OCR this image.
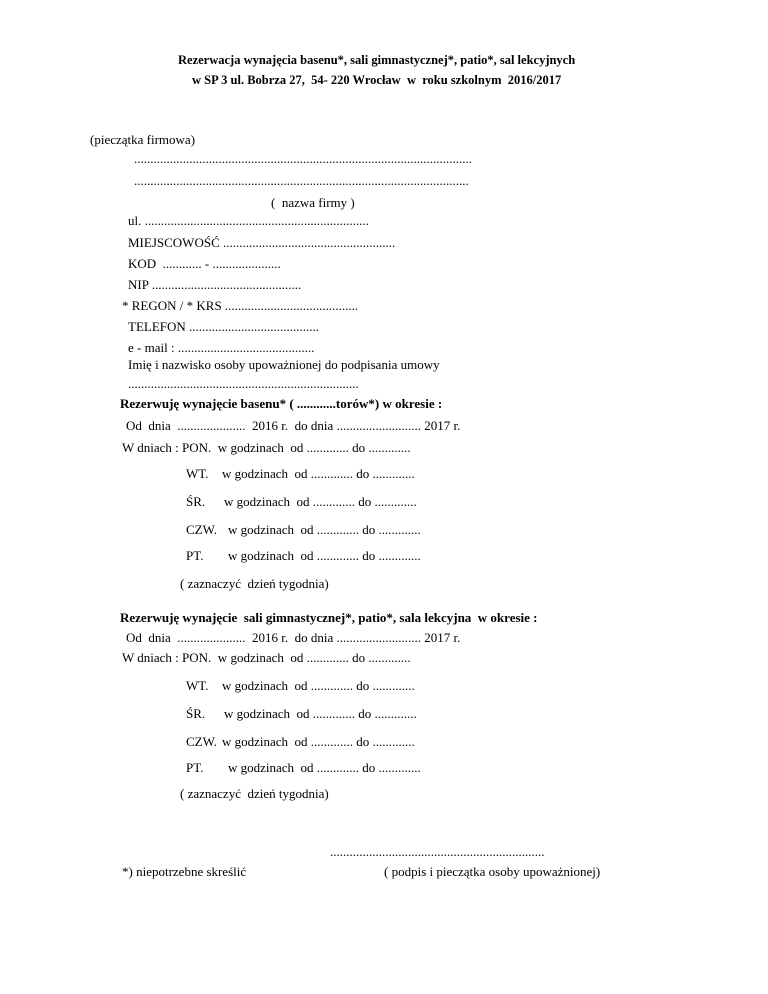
Rezerwacja wynajęcia basenu*, sali gimnastycznej*, patio*, sal lekcyjnych
w SP 3 ul. Bobrza 27,  54- 220 Wrocław  w  roku szkolnym  2016/2017
(pieczątka firmowa)
........................................................................................................
.......................................................................................................
(  nazwa firmy )
ul. .....................................................................
MIEJSCOWOŚĆ .....................................................
KOD  ............ - .....................
NIP ..............................................
* REGON / * KRS .........................................
TELEFON ........................................
e - mail : ..........................................
Imię i nazwisko osoby upoważnionej do podpisania umowy
.......................................................................
Rezerwuję wynajęcie basenu* ( ............torów*) w okresie :
Od  dnia  .....................  2016 r.  do dnia .......................... 2017 r.
W dniach : PON.  w godzinach  od ............. do .............
WT. w godzinach  od ............. do .............
ŚR. w godzinach  od ............. do .............
CZW. w godzinach  od ............. do .............
PT. w godzinach  od ............. do .............
( zaznaczyć  dzień tygodnia)
Rezerwuję wynajęcie  sali gimnastycznej*, patio*, sala lekcyjna  w okresie :
Od  dnia  .....................  2016 r.  do dnia .......................... 2017 r.
W dniach : PON.  w godzinach  od ............. do .............
WT. w godzinach  od ............. do .............
ŚR. w godzinach  od ............. do .............
CZW. w godzinach  od ............. do .............
PT. w godzinach  od ............. do .............
( zaznaczyć  dzień tygodnia)
..................................................................
*) niepotrzebne skreślić	( podpis i pieczątka osoby upoważnionej)
